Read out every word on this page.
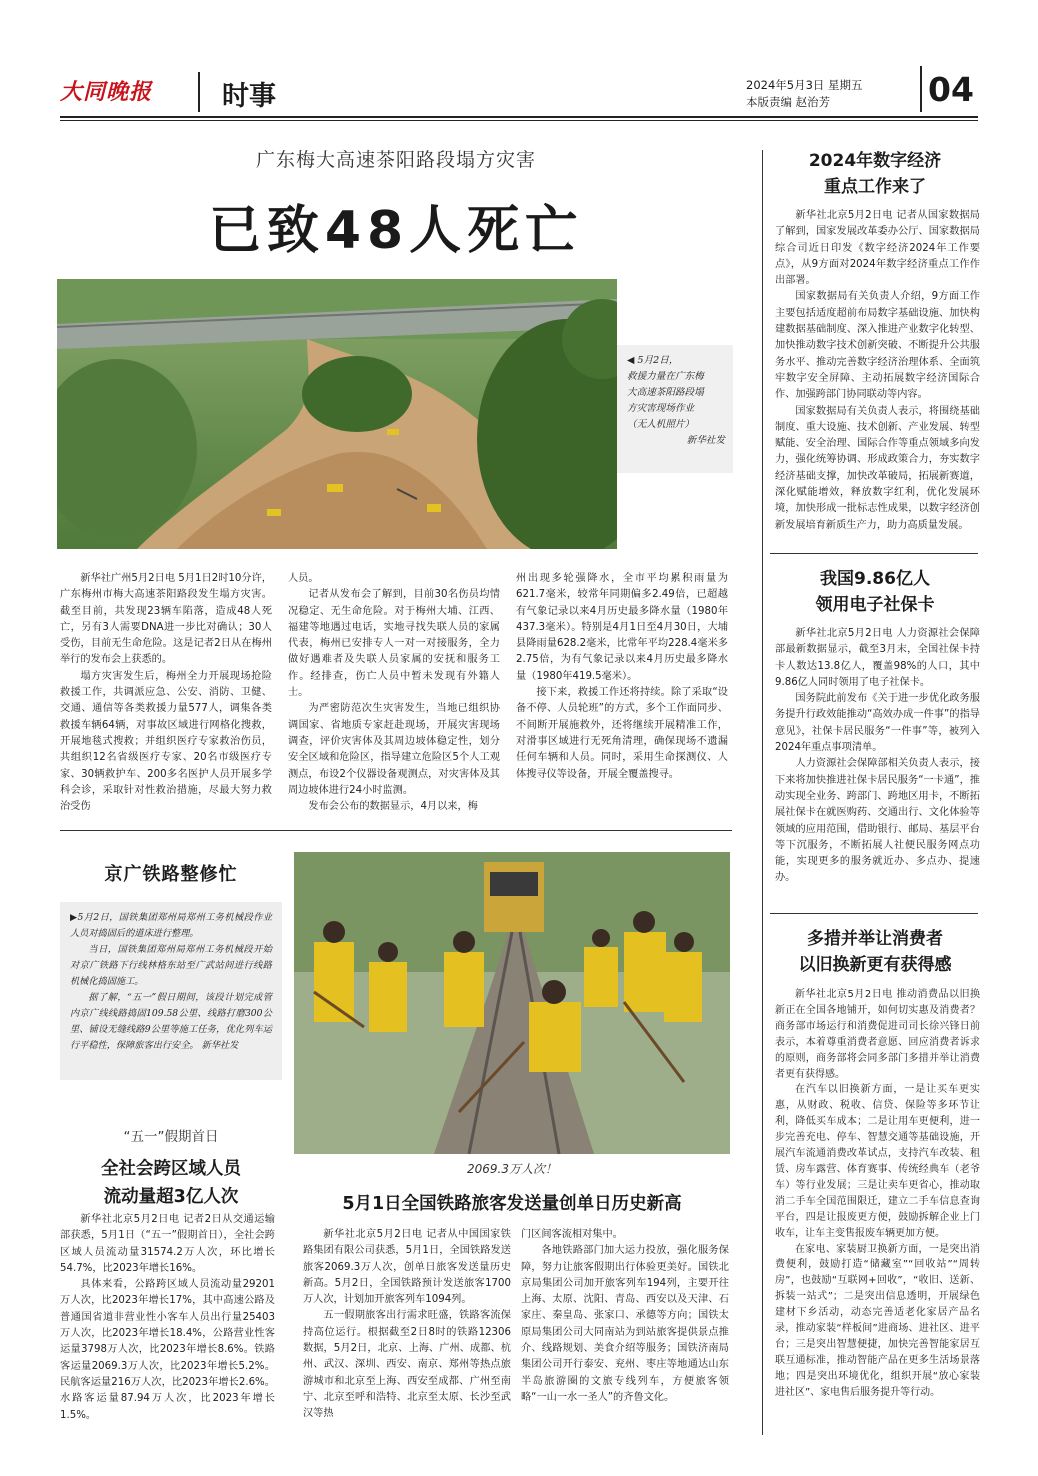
大同晚报	时事	2024年5月3日 星期五
本版责编 赵治芳	04
广东梅大高速茶阳路段塌方灾害
已致48人死亡
◀ 5月2日，
救援力量在广东梅
大高速茶阳路段塌
方灾害现场作业
（无人机照片）
新华社发

新华社广州5月2日电 5月1日2时10分许，广东梅州市梅大高速茶阳路段发生塌方灾害。截至目前，共发现23辆车陷落，造成48人死亡，另有3人需要DNA进一步比对确认；30人受伤，目前无生命危险。这是记者2日从在梅州举行的发布会上获悉的。

塌方灾害发生后，梅州全力开展现场抢险救援工作，共调派应急、公安、消防、卫健、交通、通信等各类救援力量577人，调集各类救援车辆64辆，对事故区域进行网格化搜救，开展地毯式搜救；并组织医疗专家救治伤员，共组织12名省级医疗专家、20名市级医疗专家、30辆救护车、200多名医护人员开展多学科会诊，采取针对性救治措施，尽最大努力救治受伤

人员。

记者从发布会了解到，目前30名伤员均情况稳定、无生命危险。对于梅州大埔、江西、福建等地遇过电话，实地寻找失联人员的家属代表，梅州已安排专人一对一对接服务，全力做好遇难者及失联人员家属的安抚和服务工作。经排查，伤亡人员中暂未发现有外籍人士。

为严密防范次生灾害发生，当地已组织协调国家、省地质专家赶赴现场，开展灾害现场调查，评价灾害体及其周边坡体稳定性，划分安全区域和危险区，指导建立危险区5个人工观测点，布设2个仪器设备观测点，对灾害体及其周边坡体进行24小时监测。

发布会公布的数据显示，4月以来，梅

州出现多轮强降水，全市平均累积雨量为621.7毫米，较常年同期偏多2.49倍，已超越有气象记录以来4月历史最多降水量（1980年437.3毫米）。特别是4月1日至4月30日，大埔县降雨量628.2毫米，比常年平均228.4毫米多2.75倍，为有气象记录以来4月历史最多降水量（1980年419.5毫米）。

接下来，救援工作还将持续。除了采取“设备不停、人员轮班”的方式，多个工作面同步、不间断开展施救外，还将继续开展精准工作，对滑事区域进行无死角清理，确保现场不遗漏任何车辆和人员。同时，采用生命探测仪、人体搜寻仪等设备，开展全覆盖搜寻。

京广铁路整修忙
▶5月2日，国铁集团郑州局郑州工务机械段作业人员对捣固后的道床进行整理。
当日，国铁集团郑州局郑州工务机械段开始对京广铁路下行线林格东站至广武站间进行线路机械化捣固施工。
据了解，“五一”假日期间，该段计划完成管内京广线线路捣固109.58公里、线路打磨300公里、铺设无缝线路9公里等施工任务，优化列车运行平稳性，保障旅客出行安全。 新华社发
“五一”假期首日
全社会跨区域人员
流动量超3亿人次

新华社北京5月2日电 记者2日从交通运输部获悉，5月1日（“五一”假期首日），全社会跨区域人员流动量31574.2万人次，环比增长54.7%，比2023年增长16%。

具体来看，公路跨区域人员流动量29201万人次，比2023年增长17%，其中高速公路及普通国省道非营业性小客车人员出行量25403万人次，比2023年增长18.4%，公路营业性客运量3798万人次，比2023年增长8.6%。铁路客运量2069.3万人次，比2023年增长5.2%。民航客运量216万人次，比2023年增长2.6%。水路客运量87.94万人次，比2023年增长1.5%。

2069.3万人次！
5月1日全国铁路旅客发送量创单日历史新高

新华社北京5月2日电 记者从中国国家铁路集团有限公司获悉，5月1日，全国铁路发送旅客2069.3万人次，创单日旅客发送量历史新高。5月2日，全国铁路预计发送旅客1700万人次，计划加开旅客列车1094列。

五一假期旅客出行需求旺盛，铁路客流保持高位运行。根据截至2日8时的铁路12306数据，5月2日，北京、上海、广州、成都、杭州、武汉、深圳、西安、南京、郑州等热点旅游城市和北京至上海、西安至成都、广州至南宁、北京至呼和浩特、北京至太原、长沙至武汉等热

门区间客流相对集中。

各地铁路部门加大运力投放，强化服务保障，努力让旅客假期出行体验更美好。国铁北京局集团公司加开旅客列车194列，主要开往上海、太原、沈阳、青岛、西安以及天津、石家庄、秦皇岛、张家口、承德等方向；国铁太原局集团公司大同南站为到站旅客提供景点推介、线路规划、美食介绍等服务；国铁济南局集团公司开行泰安、兖州、枣庄等地通达山东半岛旅游圈的文旅专线列车，方便旅客领略“一山一水一圣人”的齐鲁文化。

2024年数字经济
重点工作来了

新华社北京5月2日电 记者从国家数据局了解到，国家发展改革委办公厅、国家数据局综合司近日印发《数字经济2024年工作要点》，从9方面对2024年数字经济重点工作作出部署。

国家数据局有关负责人介绍，9方面工作主要包括适度超前布局数字基础设施、加快构建数据基础制度、深入推进产业数字化转型、加快推动数字技术创新突破、不断提升公共服务水平、推动完善数字经济治理体系、全面筑牢数字安全屏障、主动拓展数字经济国际合作、加强跨部门协同联动等内容。

国家数据局有关负责人表示，将围绕基础制度、重大设施、技术创新、产业发展、转型赋能、安全治理、国际合作等重点领域多向发力，强化统筹协调、形成政策合力，夯实数字经济基础支撑，加快改革破局，拓展新赛道，深化赋能增效，释放数字红利，优化发展环境，加快形成一批标志性成果，以数字经济创新发展培育新质生产力，助力高质量发展。

我国9.86亿人
领用电子社保卡

新华社北京5月2日电 人力资源社会保障部最新数据显示，截至3月末，全国社保卡持卡人数达13.8亿人，覆盖98%的人口，其中9.86亿人同时领用了电子社保卡。

国务院此前发布《关于进一步优化政务服务提升行政效能推动“高效办成一件事”的指导意见》，社保卡居民服务“一件事”等，被列入2024年重点事项清单。

人力资源社会保障部相关负责人表示，接下来将加快推进社保卡居民服务“一卡通”，推动实现全业务、跨部门、跨地区用卡，不断拓展社保卡在就医购药、交通出行、文化体验等领域的应用范围，借助银行、邮局、基层平台等下沉服务，不断拓展人社便民服务网点功能，实现更多的服务就近办、多点办、提速办。

多措并举让消费者
以旧换新更有获得感

新华社北京5月2日电 推动消费品以旧换新正在全国各地铺开，如何切实惠及消费者？商务部市场运行和消费促进司司长徐兴锋日前表示，本着尊重消费者意愿、回应消费者诉求的原则，商务部将会同多部门多措并举让消费者更有获得感。

在汽车以旧换新方面，一是让买车更实惠，从财政、税收、信贷、保险等多环节让利，降低买车成本；二是让用车更便利，进一步完善充电、停车、智慧交通等基础设施，开展汽车流通消费改革试点，支持汽车改装、租赁、房车露营、体育赛事、传统经典车（老爷车）等行业发展；三是让卖车更省心，推动取消二手车全国范围限迁，建立二手车信息查询平台，四是让报废更方便，鼓励拆解企业上门收车，让车主变售报废车辆更加方便。

在家电、家装厨卫换新方面，一是突出消费便利，鼓励打造“储藏室”“回收站”“周转房”，也鼓励“互联网+回收”，“收旧、送新、拆装一站式”；二是突出信息透明，开展绿色建材下乡活动，动态完善适老化家居产品名录，推动家装“样板间”进商场、进社区、进平台；三是突出智慧便捷，加快完善智能家居互联互通标准，推动智能产品在更多生活场景落地；四是突出环境优化，组织开展“放心家装进社区”、家电售后服务提升等行动。
